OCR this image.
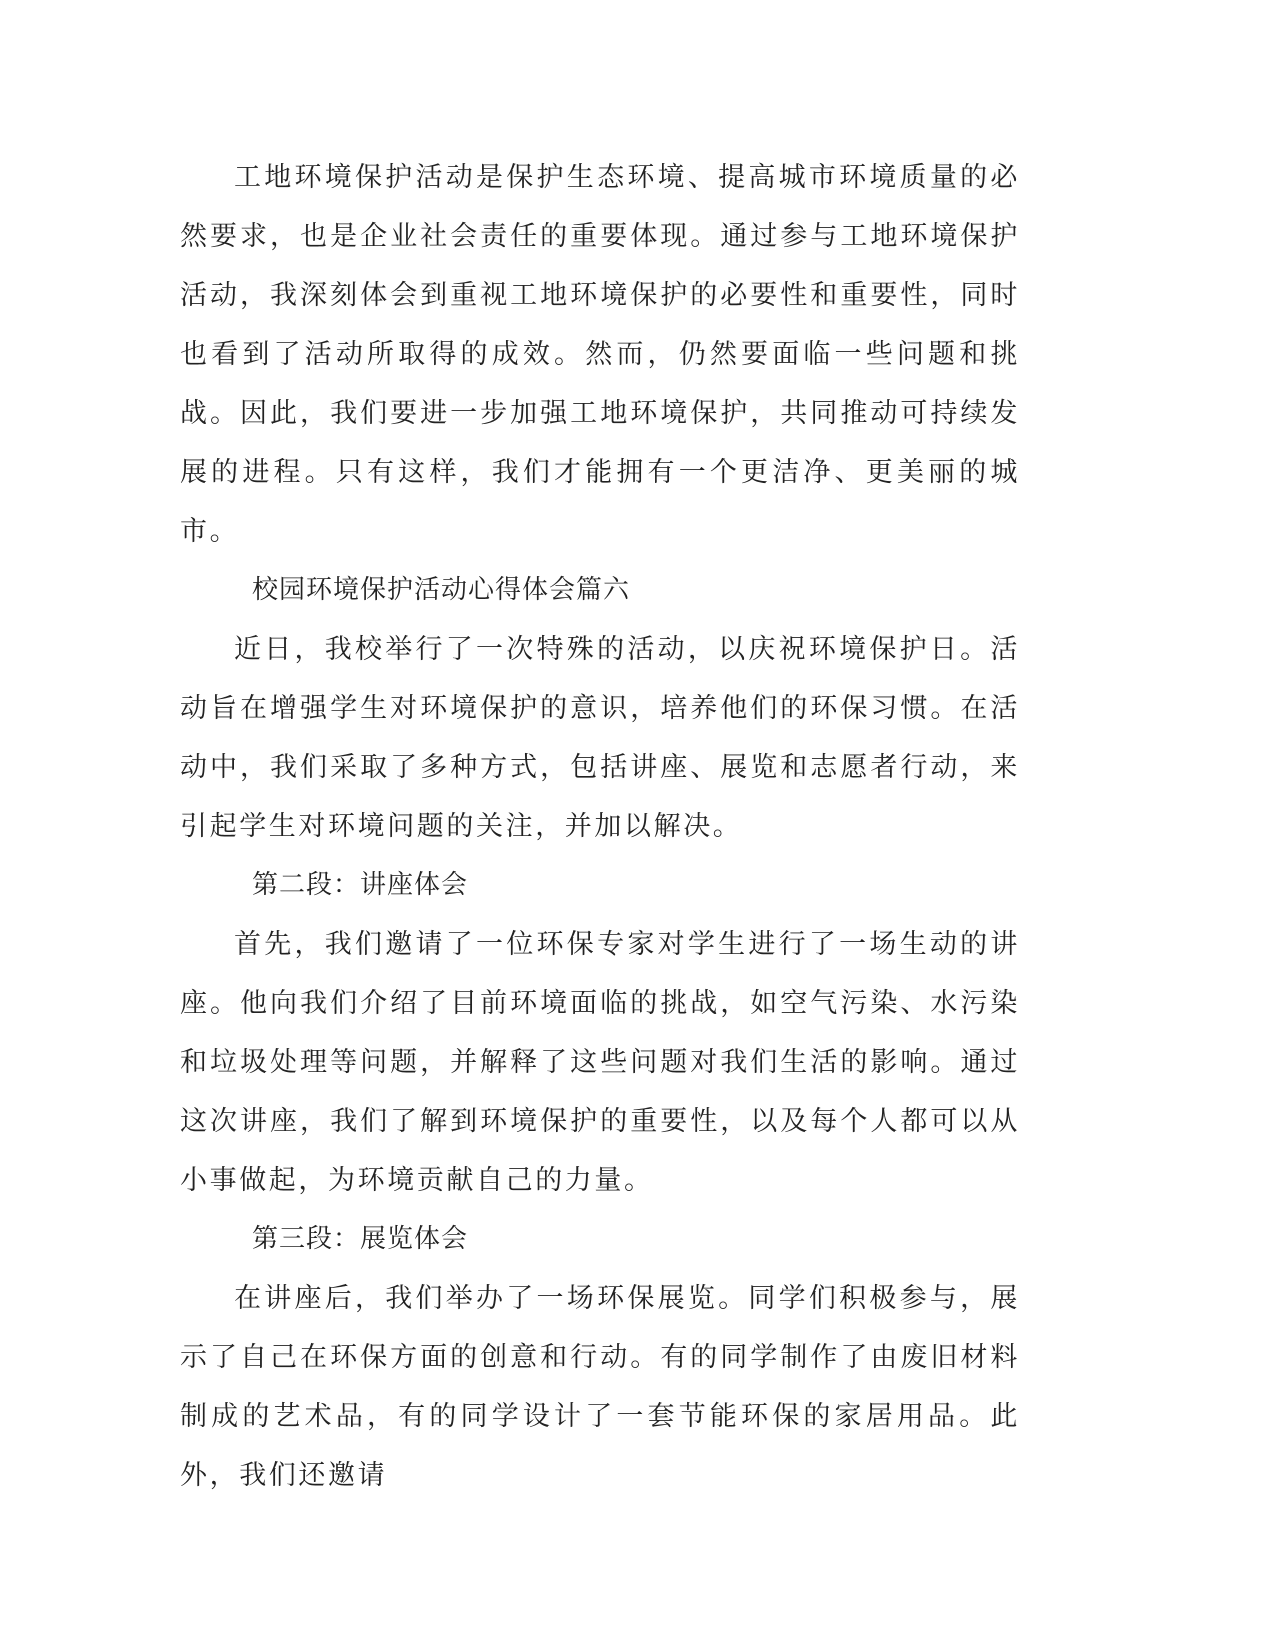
工地环境保护活动是保护生态环境、提高城市环境质量的必然要求，也是企业社会责任的重要体现。通过参与工地环境保护活动，我深刻体会到重视工地环境保护的必要性和重要性，同时也看到了活动所取得的成效。然而，仍然要面临一些问题和挑战。因此，我们要进一步加强工地环境保护，共同推动可持续发展的进程。只有这样，我们才能拥有一个更洁净、更美丽的城市。

校园环境保护活动心得体会篇六

近日，我校举行了一次特殊的活动，以庆祝环境保护日。活动旨在增强学生对环境保护的意识，培养他们的环保习惯。在活动中，我们采取了多种方式，包括讲座、展览和志愿者行动，来引起学生对环境问题的关注，并加以解决。

第二段：讲座体会

首先，我们邀请了一位环保专家对学生进行了一场生动的讲座。他向我们介绍了目前环境面临的挑战，如空气污染、水污染和垃圾处理等问题，并解释了这些问题对我们生活的影响。通过这次讲座，我们了解到环境保护的重要性，以及每个人都可以从小事做起，为环境贡献自己的力量。

第三段：展览体会

在讲座后，我们举办了一场环保展览。同学们积极参与，展示了自己在环保方面的创意和行动。有的同学制作了由废旧材料制成的艺术品，有的同学设计了一套节能环保的家居用品。此外，我们还邀请
